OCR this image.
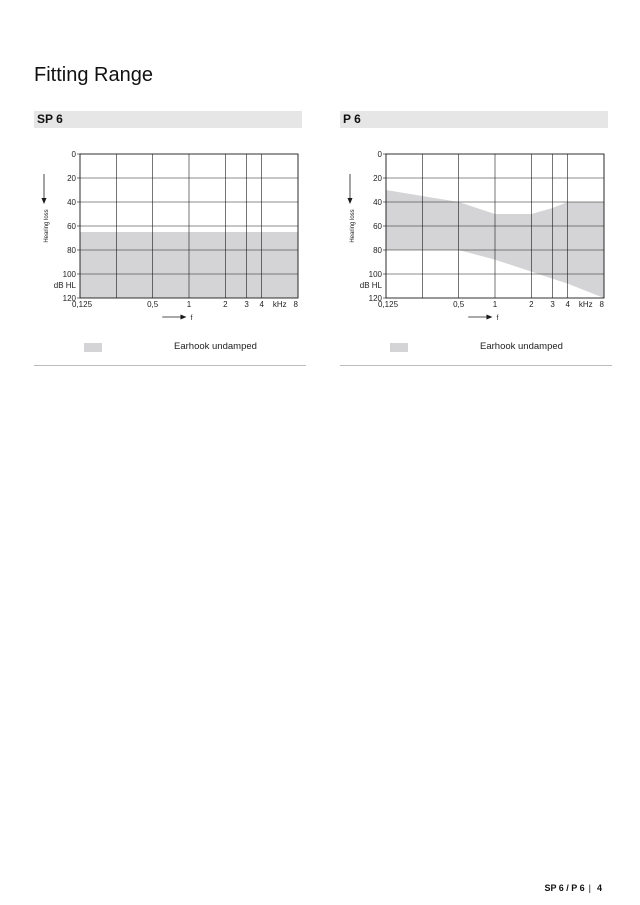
Fitting Range
SP 6
0
20
40
60
80
100
120
0,125	0,5	1	2 3 4	8
kHz
dB HL
Hearing loss
f
Earhook undamped
P 6
0
20
40
60
80
100
120
0,125	0,5	1	2 3 4	8
kHz
dB HL
Hearing loss
f
Earhook undamped
SP 6 / P 6 | 4
